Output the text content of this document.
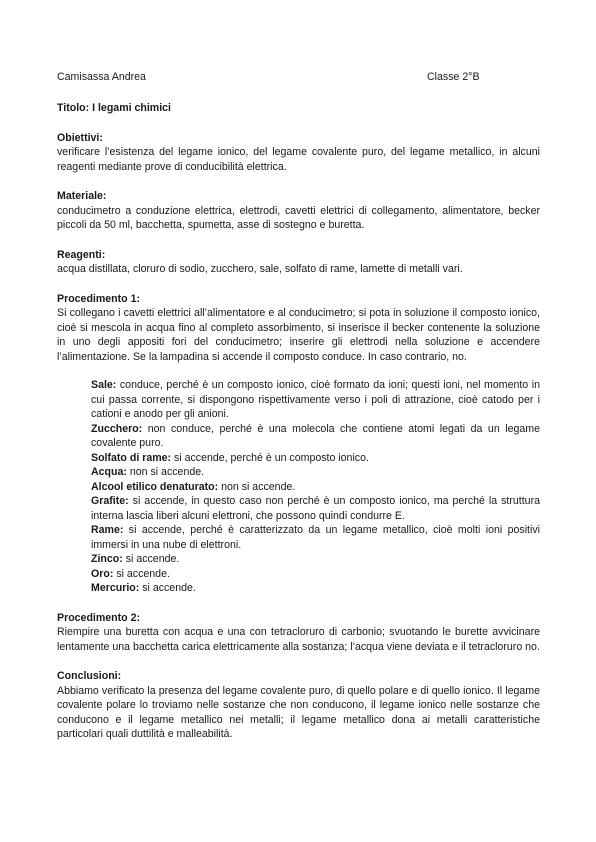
Camisassa Andrea	Classe 2°B
Titolo: I legami chimici
Obiettivi:

verificare l’esistenza del legame ionico, del legame covalente puro, del legame metallico, in alcuni reagenti mediante prove di conducibilità elettrica.

Materiale:

conducimetro a conduzione elettrica, elettrodi, cavetti elettrici di collegamento, alimentatore, becker piccoli da 50 ml, bacchetta, spumetta, asse di sostegno e buretta.

Reagenti:

acqua distillata, cloruro di sodio, zucchero, sale, solfato di rame, lamette di metalli vari.

Procedimento 1:

Si collegano i cavetti elettrici all’alimentatore e al conducimetro; si pota in soluzione il composto ionico, cioè si mescola in acqua fino al completo assorbimento, si inserisce il becker contenente la soluzione in uno degli appositi fori del conducimetro; inserire gli elettrodi nella soluzione e accendere l’alimentazione. Se la lampadina si accende il composto conduce. In caso contrario, no.

Sale: conduce, perché è un composto ionico, cioè formato da ioni; questi ioni, nel momento in cui passa corrente, si dispongono rispettivamente verso i poli di attrazione, cioè catodo per i cationi e anodo per gli anioni.

Zucchero: non conduce, perché è una molecola che contiene atomi legati da un legame covalente puro.

Solfato di rame: si accende, perché è un composto ionico.

Acqua: non si accende.

Alcool etilico denaturato: non si accende.

Grafite: si accende, in questo caso non perché è un composto ionico, ma perché la struttura interna lascia liberi alcuni elettroni, che possono quindi condurre E.

Rame: si accende, perché è caratterizzato da un legame metallico, cioè molti ioni positivi immersi in una nube di elettroni.

Zinco: si accende.

Oro: si accende.

Mercurio: si accende.

Procedimento 2:

Riempire una buretta con acqua e una con tetracloruro di carbonio; svuotando le burette avvicinare lentamente una bacchetta carica elettricamente alla sostanza; l’acqua viene deviata e il tetracloruro no.

Conclusioni:

Abbiamo verificato la presenza del legame covalente puro, di quello polare e di quello ionico. Il legame covalente polare lo troviamo nelle sostanze che non conducono, il legame ionico nelle sostanze che conducono e il legame metallico nei metalli; il legame metallico dona ai metalli caratteristiche particolari quali duttilità e malleabilità.
